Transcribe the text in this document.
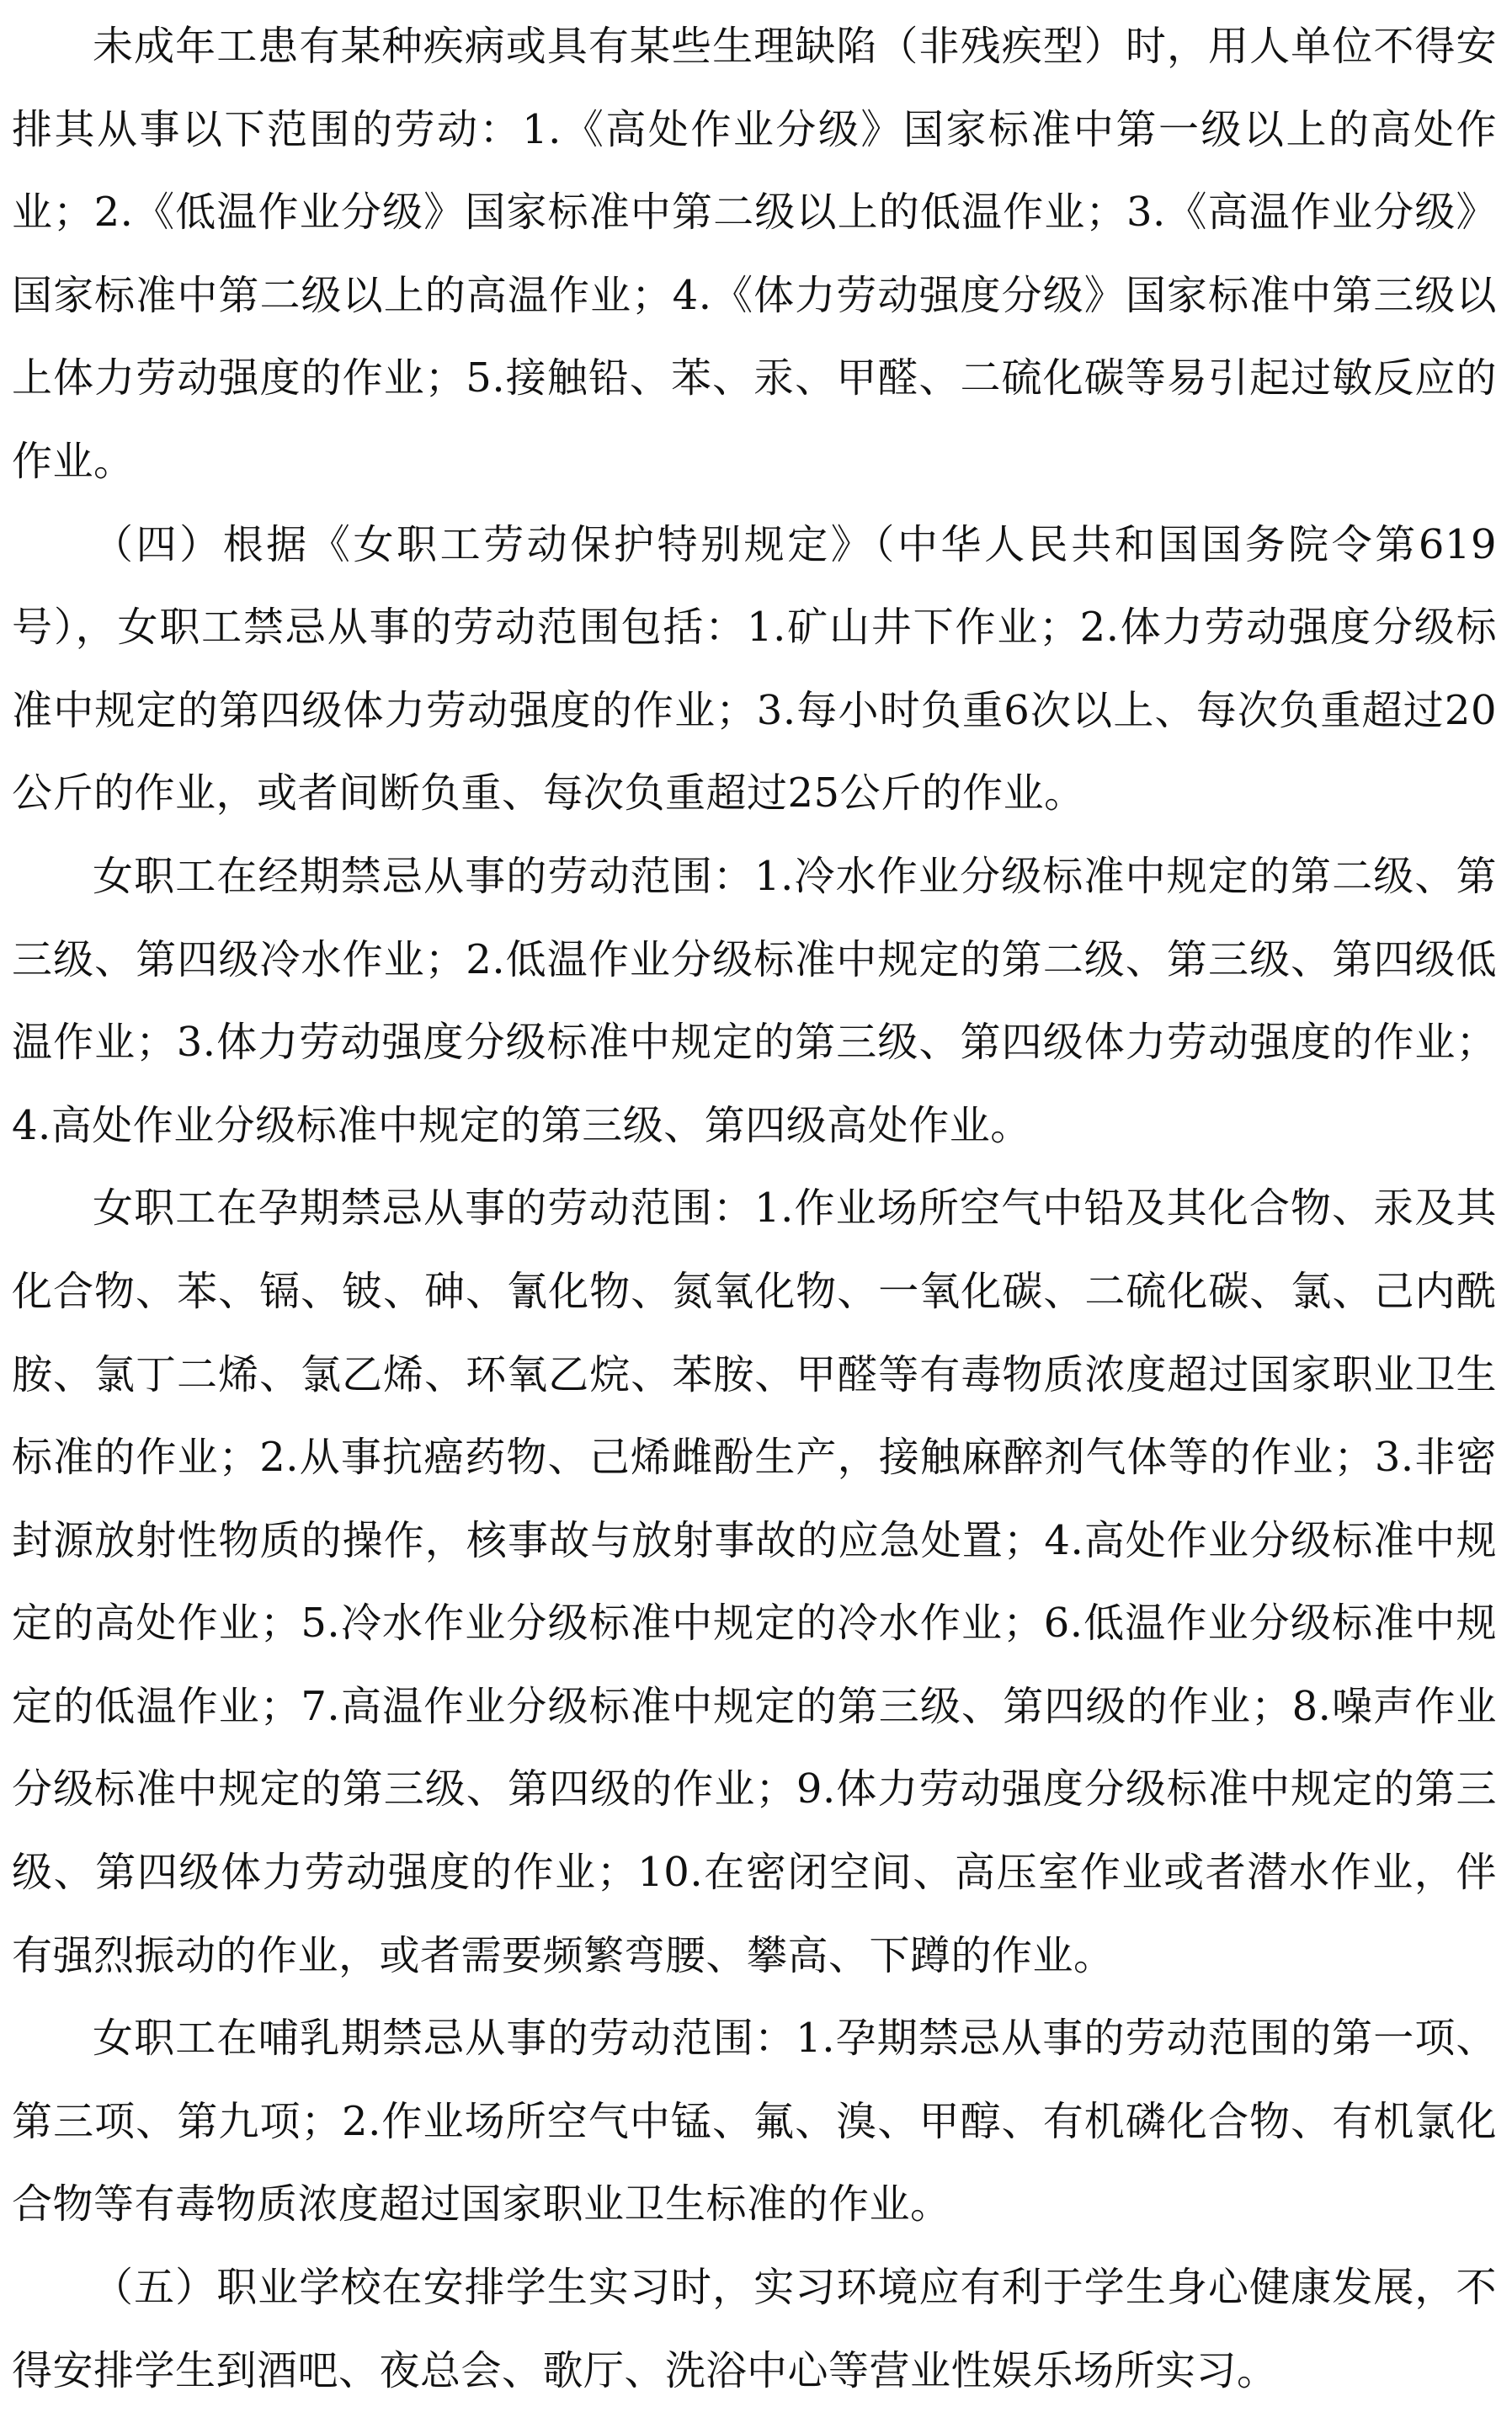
未成年工患有某种疾病或具有某些生理缺陷（非残疾型）时，用人单位不得安排其从事以下范围的劳动：1.《高处作业分级》国家标准中第一级以上的高处作业；2.《低温作业分级》国家标准中第二级以上的低温作业；3.《高温作业分级》国家标准中第二级以上的高温作业；4.《体力劳动强度分级》国家标准中第三级以上体力劳动强度的作业；5.接触铅、苯、汞、甲醛、二硫化碳等易引起过敏反应的作业。

（四）根据《女职工劳动保护特别规定》（中华人民共和国国务院令第619号），女职工禁忌从事的劳动范围包括：1.矿山井下作业；2.体力劳动强度分级标准中规定的第四级体力劳动强度的作业；3.每小时负重6次以上、每次负重超过20公斤的作业，或者间断负重、每次负重超过25公斤的作业。

女职工在经期禁忌从事的劳动范围：1.冷水作业分级标准中规定的第二级、第三级、第四级冷水作业；2.低温作业分级标准中规定的第二级、第三级、第四级低温作业；3.体力劳动强度分级标准中规定的第三级、第四级体力劳动强度的作业；4.高处作业分级标准中规定的第三级、第四级高处作业。

女职工在孕期禁忌从事的劳动范围：1.作业场所空气中铅及其化合物、汞及其化合物、苯、镉、铍、砷、氰化物、氮氧化物、一氧化碳、二硫化碳、氯、己内酰胺、氯丁二烯、氯乙烯、环氧乙烷、苯胺、甲醛等有毒物质浓度超过国家职业卫生标准的作业；2.从事抗癌药物、己烯雌酚生产，接触麻醉剂气体等的作业；3.非密封源放射性物质的操作，核事故与放射事故的应急处置；4.高处作业分级标准中规定的高处作业；5.冷水作业分级标准中规定的冷水作业；6.低温作业分级标准中规定的低温作业；7.高温作业分级标准中规定的第三级、第四级的作业；8.噪声作业分级标准中规定的第三级、第四级的作业；9.体力劳动强度分级标准中规定的第三级、第四级体力劳动强度的作业；10.在密闭空间、高压室作业或者潜水作业，伴有强烈振动的作业，或者需要频繁弯腰、攀高、下蹲的作业。

女职工在哺乳期禁忌从事的劳动范围：1.孕期禁忌从事的劳动范围的第一项、第三项、第九项；2.作业场所空气中锰、氟、溴、甲醇、有机磷化合物、有机氯化合物等有毒物质浓度超过国家职业卫生标准的作业。

（五）职业学校在安排学生实习时，实习环境应有利于学生身心健康发展，不得安排学生到酒吧、夜总会、歌厅、洗浴中心等营业性娱乐场所实习。
